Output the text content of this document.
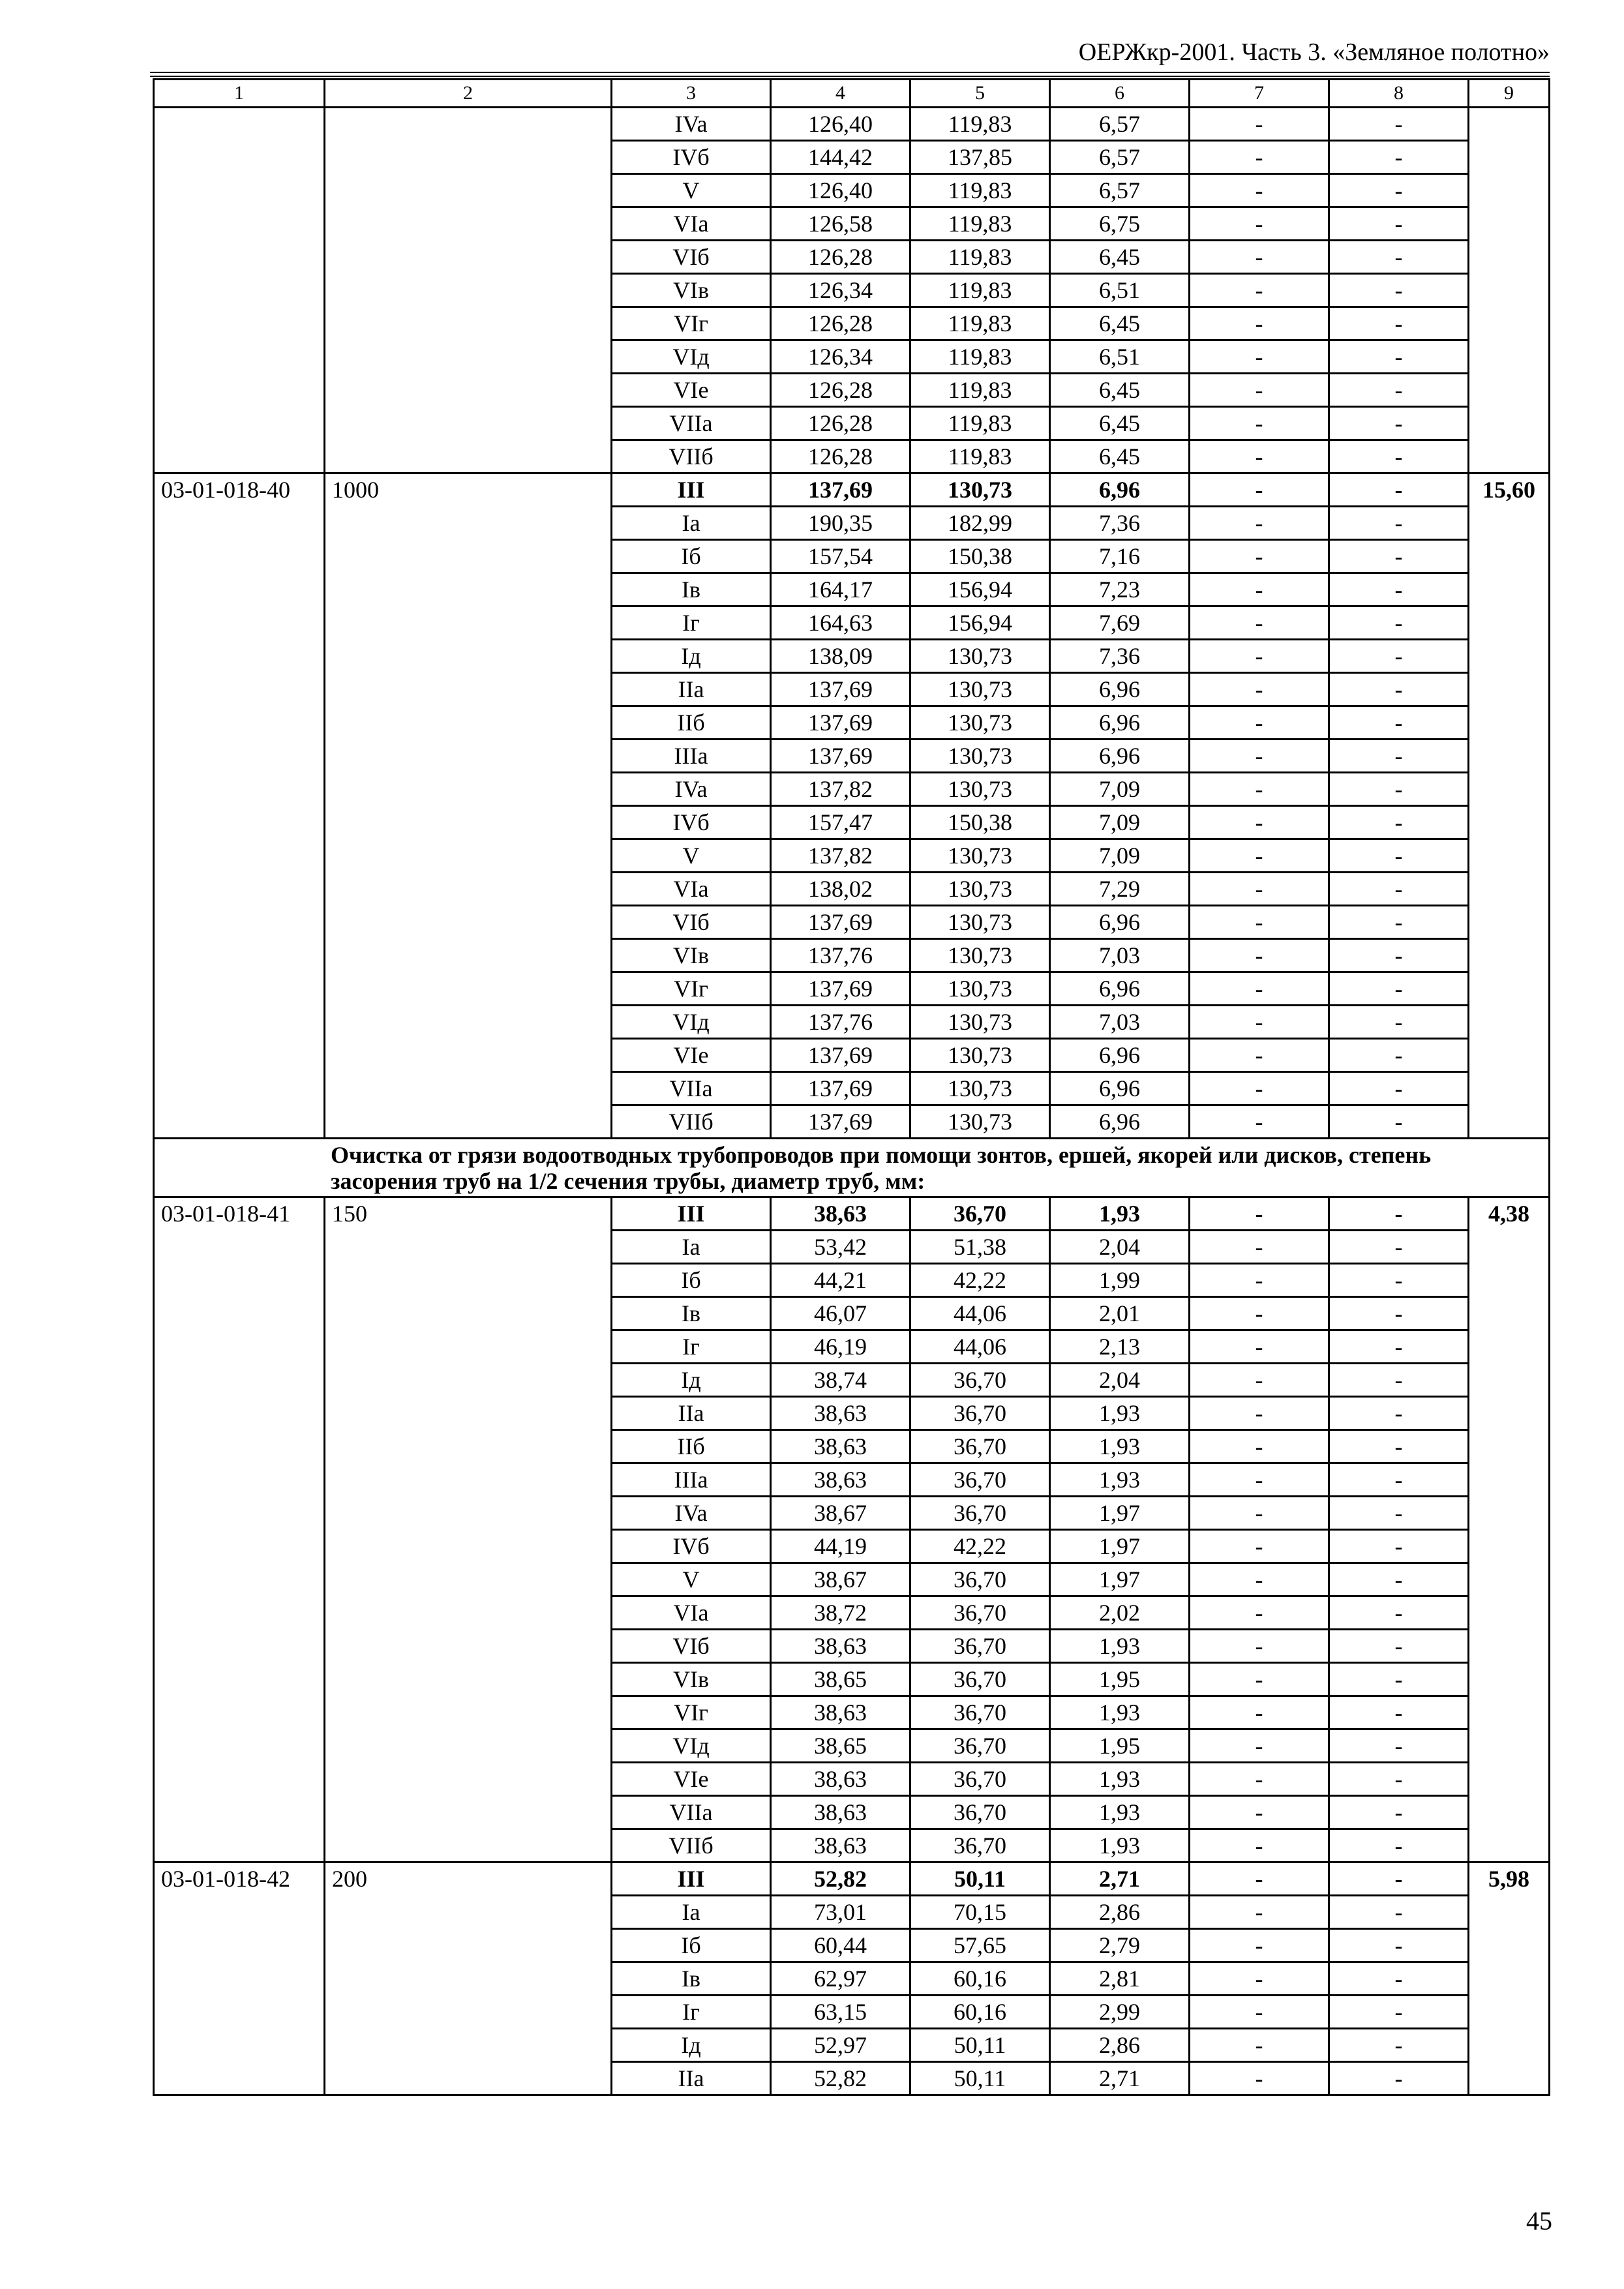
ОЕРЖкр-2001. Часть 3. «Земляное полотно»
1	2	3	4	5	6	7	8	9
		IVa	126,40	119,83	6,57	-	-	
		IVб	144,42	137,85	6,57	-	-	
		V	126,40	119,83	6,57	-	-	
		VIa	126,58	119,83	6,75	-	-	
		VIб	126,28	119,83	6,45	-	-	
		VIв	126,34	119,83	6,51	-	-	
		VIг	126,28	119,83	6,45	-	-	
		VIд	126,34	119,83	6,51	-	-	
		VIe	126,28	119,83	6,45	-	-	
		VIIa	126,28	119,83	6,45	-	-	
		VIIб	126,28	119,83	6,45	-	-	
03-01-018-40	1000	III	137,69	130,73	6,96	-	-	15,60
		Ia	190,35	182,99	7,36	-	-	
		Iб	157,54	150,38	7,16	-	-	
		Iв	164,17	156,94	7,23	-	-	
		Iг	164,63	156,94	7,69	-	-	
		Iд	138,09	130,73	7,36	-	-	
		IIa	137,69	130,73	6,96	-	-	
		IIб	137,69	130,73	6,96	-	-	
		IIIa	137,69	130,73	6,96	-	-	
		IVa	137,82	130,73	7,09	-	-	
		IVб	157,47	150,38	7,09	-	-	
		V	137,82	130,73	7,09	-	-	
		VIa	138,02	130,73	7,29	-	-	
		VIб	137,69	130,73	6,96	-	-	
		VIв	137,76	130,73	7,03	-	-	
		VIг	137,69	130,73	6,96	-	-	
		VIд	137,76	130,73	7,03	-	-	
		VIe	137,69	130,73	6,96	-	-	
		VIIa	137,69	130,73	6,96	-	-	
		VIIб	137,69	130,73	6,96	-	-	
Очистка от грязи водоотводных трубопроводов при помощи зонтов, ершей, якорей или дисков, степень засорения труб на 1/2 сечения трубы, диаметр труб, мм:								
03-01-018-41	150	III	38,63	36,70	1,93	-	-	4,38
		Ia	53,42	51,38	2,04	-	-	
		Iб	44,21	42,22	1,99	-	-	
		Iв	46,07	44,06	2,01	-	-	
		Iг	46,19	44,06	2,13	-	-	
		Iд	38,74	36,70	2,04	-	-	
		IIa	38,63	36,70	1,93	-	-	
		IIб	38,63	36,70	1,93	-	-	
		IIIa	38,63	36,70	1,93	-	-	
		IVa	38,67	36,70	1,97	-	-	
		IVб	44,19	42,22	1,97	-	-	
		V	38,67	36,70	1,97	-	-	
		VIa	38,72	36,70	2,02	-	-	
		VIб	38,63	36,70	1,93	-	-	
		VIв	38,65	36,70	1,95	-	-	
		VIг	38,63	36,70	1,93	-	-	
		VIд	38,65	36,70	1,95	-	-	
		VIe	38,63	36,70	1,93	-	-	
		VIIa	38,63	36,70	1,93	-	-	
		VIIб	38,63	36,70	1,93	-	-	
03-01-018-42	200	III	52,82	50,11	2,71	-	-	5,98
		Ia	73,01	70,15	2,86	-	-	
		Iб	60,44	57,65	2,79	-	-	
		Iв	62,97	60,16	2,81	-	-	
		Iг	63,15	60,16	2,99	-	-	
		Iд	52,97	50,11	2,86	-	-	
		IIa	52,82	50,11	2,71	-	-	
45
